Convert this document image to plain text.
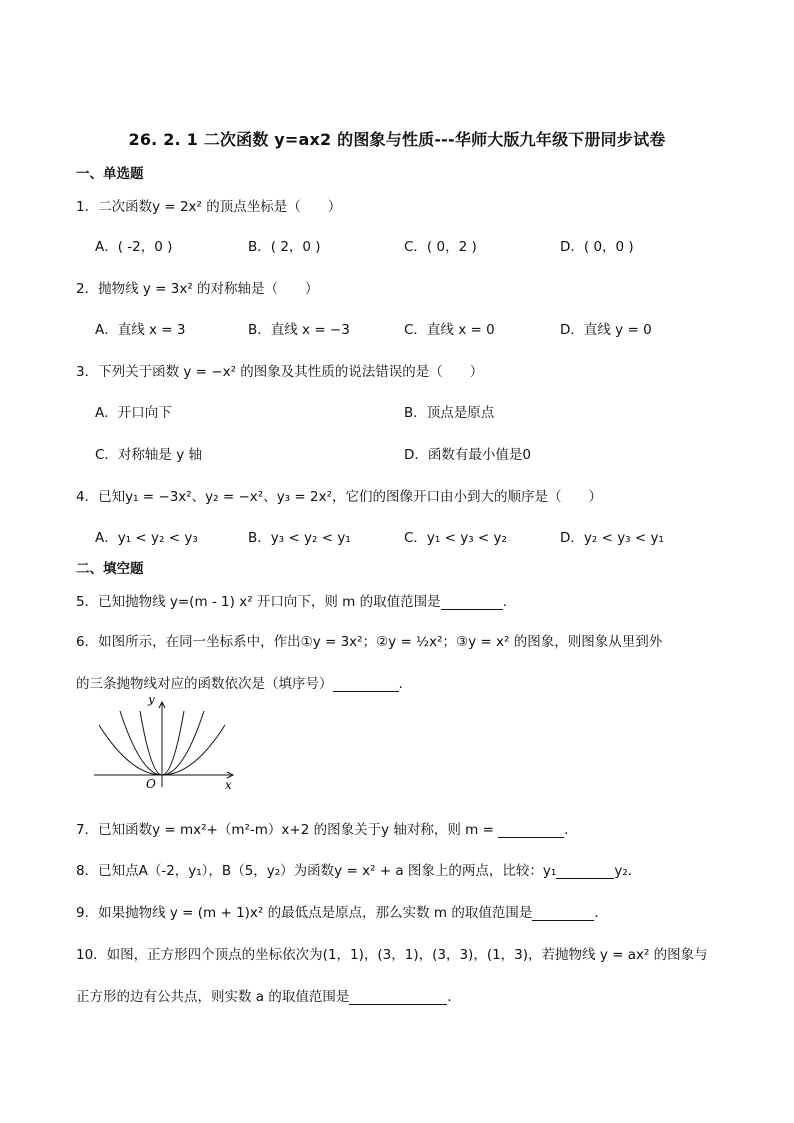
26. 2. 1 二次函数 y=ax2 的图象与性质---华师大版九年级下册同步试卷
一、单选题
1．二次函数y = 2x² 的顶点坐标是（　　）
A．( -2，0 )	B．( 2，0 )	C．( 0，2 )	D．( 0，0 )
2．抛物线 y = 3x² 的对称轴是（　　）
A．直线 x = 3	B．直线 x = −3	C．直线 x = 0	D．直线 y = 0
3．下列关于函数 y = −x² 的图象及其性质的说法错误的是（　　）
A．开口向下	B．顶点是原点
C．对称轴是 y 轴	D．函数有最小值是0
4．已知y₁ = −3x²、y₂ = −x²、y₃ = 2x²，它们的图像开口由小到大的顺序是（　　）
A．y₁ < y₂ < y₃	B．y₃ < y₂ < y₁	C．y₁ < y₃ < y₂	D．y₂ < y₃ < y₁
二、填空题
5．已知抛物线 y=(m - 1) x² 开口向下，则 m 的取值范围是	.
6．如图所示，在同一坐标系中，作出①y = 3x²；②y = ½x²；③y = x² 的图象，则图象从里到外
的三条抛物线对应的函数依次是（填序号）	.
y
x
O
7．已知函数y = mx²+（m²-m）x+2 的图象关于y 轴对称，则 m =	．
8．已知点A（-2，y₁），B（5，y₂）为函数y = x² + a 图象上的两点，比较：y₁	y₂．
9．如果抛物线 y = (m + 1)x² 的最低点是原点，那么实数 m 的取值范围是	．
10．如图，正方形四个顶点的坐标依次为(1，1)，(3，1)，(3，3)，(1，3)，若抛物线 y = ax² 的图象与
正方形的边有公共点，则实数 a 的取值范围是	．
